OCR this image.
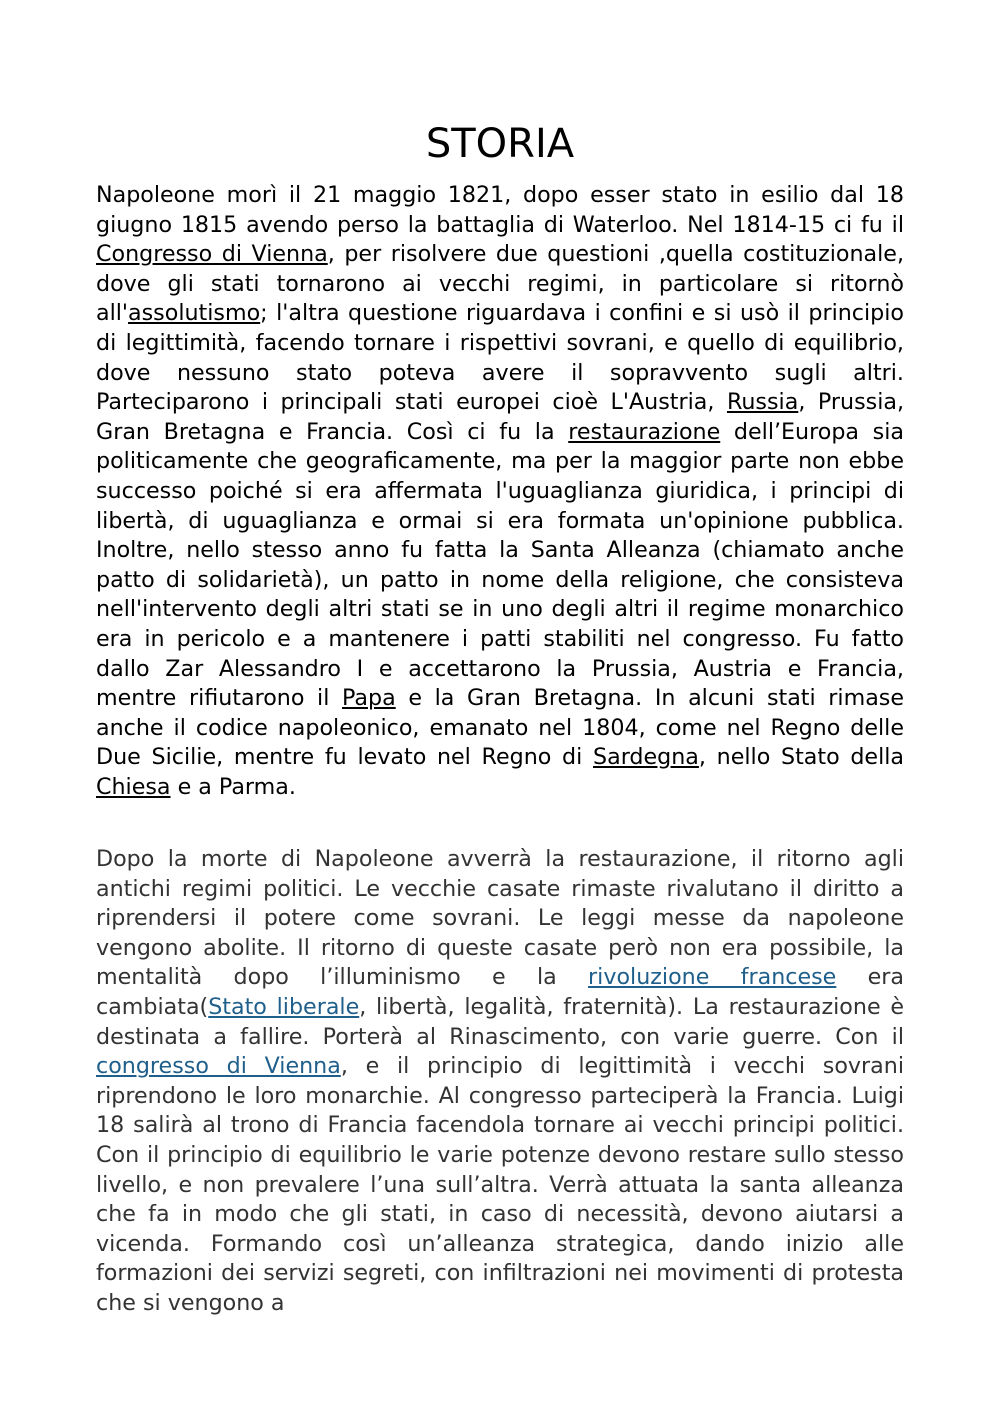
STORIA

Napoleone morì il 21 maggio 1821, dopo esser stato in esilio dal 18 giugno 1815 avendo perso la battaglia di Waterloo. Nel 1814-15 ci fu il Congresso di Vienna, per risolvere due questioni ,quella costituzionale, dove gli stati tornarono ai vecchi regimi, in particolare si ritornò all'assolutismo; l'altra questione riguardava i confini e si usò il principio di legittimità, facendo tornare i rispettivi sovrani, e quello di equilibrio, dove nessuno stato poteva avere il sopravvento sugli altri. Parteciparono i principali stati europei cioè L'Austria, Russia, Prussia, Gran Bretagna e Francia. Così ci fu la restaurazione dell’Europa sia politicamente che geograficamente, ma per la maggior parte non ebbe successo poiché si era affermata l'uguaglianza giuridica, i principi di libertà, di uguaglianza e ormai si era formata un'opinione pubblica. Inoltre, nello stesso anno fu fatta la Santa Alleanza (chiamato anche patto di solidarietà), un patto in nome della religione, che consisteva nell'intervento degli altri stati se in uno degli altri il regime monarchico era in pericolo e a mantenere i patti stabiliti nel congresso. Fu fatto dallo Zar Alessandro I e accettarono la Prussia, Austria e Francia, mentre rifiutarono il Papa e la Gran Bretagna. In alcuni stati rimase anche il codice napoleonico, emanato nel 1804, come nel Regno delle Due Sicilie, mentre fu levato nel Regno di Sardegna, nello Stato della Chiesa e a Parma.

Dopo la morte di Napoleone avverrà la restaurazione, il ritorno agli antichi regimi politici. Le vecchie casate rimaste rivalutano il diritto a riprendersi il potere come sovrani. Le leggi messe da napoleone vengono abolite. Il ritorno di queste casate però non era possibile, la mentalità dopo l’illuminismo e la rivoluzione francese era cambiata(Stato liberale, libertà, legalità, fraternità). La restaurazione è destinata a fallire. Porterà al Rinascimento, con varie guerre. Con il congresso di Vienna, e il principio di legittimità i vecchi sovrani riprendono le loro monarchie. Al congresso parteciperà la Francia. Luigi 18 salirà al trono di Francia facendola tornare ai vecchi principi politici. Con il principio di equilibrio le varie potenze devono restare sullo stesso livello, e non prevalere l’una sull’altra. Verrà attuata la santa alleanza che fa in modo che gli stati, in caso di necessità, devono aiutarsi a vicenda. Formando così un’alleanza strategica, dando inizio alle formazioni dei servizi segreti, con infiltrazioni nei movimenti di protesta che si vengono a
